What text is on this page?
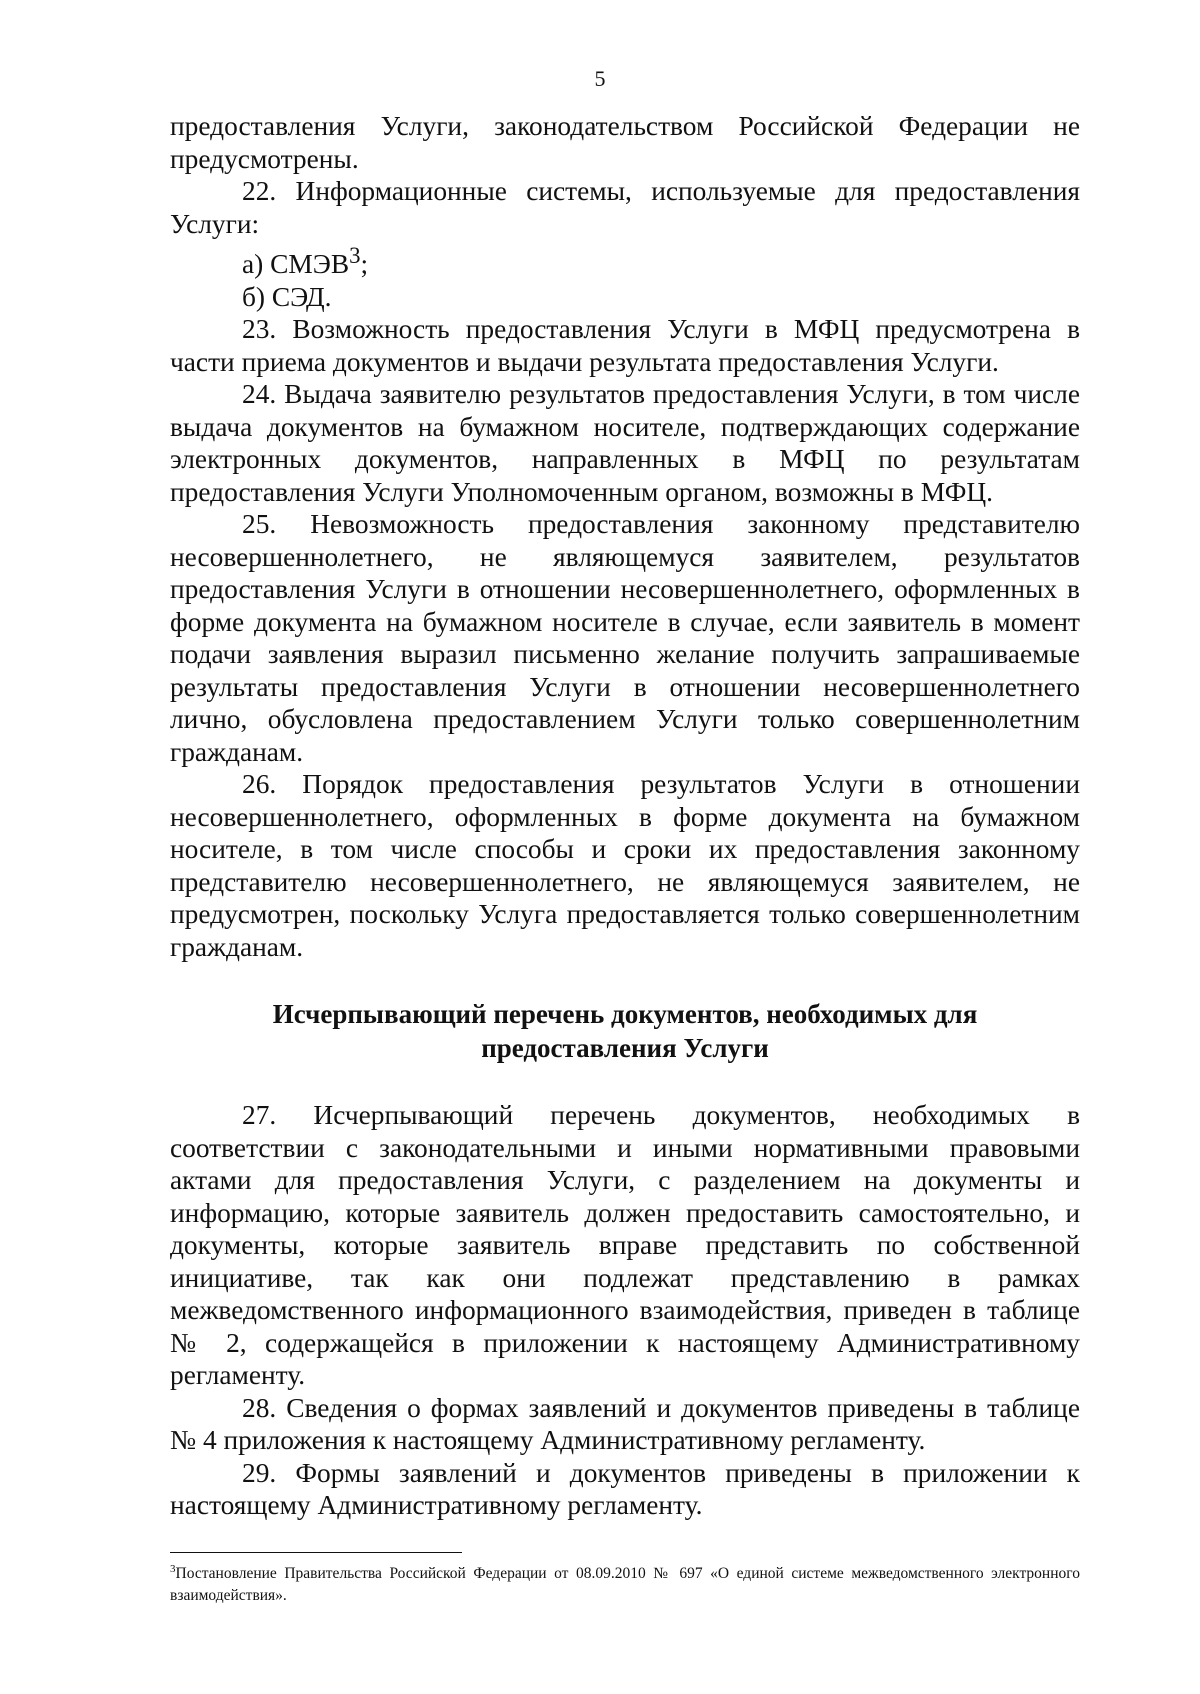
5

предоставления Услуги, законодательством Российской Федерации не предусмотрены.

22. Информационные системы, используемые для предоставления Услуги:

а) СМЭВ$^3$;

б) СЭД.

23. Возможность предоставления Услуги в МФЦ предусмотрена в части приема документов и выдачи результата предоставления Услуги.

24. Выдача заявителю результатов предоставления Услуги, в том числе выдача документов на бумажном носителе, подтверждающих содержание электронных документов, направленных в МФЦ по результатам предоставления Услуги Уполномоченным органом, возможны в МФЦ.

25. Невозможность предоставления законному представителю несовершеннолетнего, не являющемуся заявителем, результатов предоставления Услуги в отношении несовершеннолетнего, оформленных в форме документа на бумажном носителе в случае, если заявитель в момент подачи заявления выразил письменно желание получить запрашиваемые результаты предоставления Услуги в отношении несовершеннолетнего лично, обусловлена предоставлением Услуги только совершеннолетним гражданам.

26. Порядок предоставления результатов Услуги в отношении несовершеннолетнего, оформленных в форме документа на бумажном носителе, в том числе способы и сроки их предоставления законному представителю несовершеннолетнего, не являющемуся заявителем, не предусмотрен, поскольку Услуга предоставляется только совершеннолетним гражданам.

Исчерпывающий перечень документов, необходимых для
предоставления Услуги

27. Исчерпывающий перечень документов, необходимых в соответствии с законодательными и иными нормативными правовыми актами для предоставления Услуги, с разделением на документы и информацию, которые заявитель должен предоставить самостоятельно, и документы, которые заявитель вправе представить по собственной инициативе, так как они подлежат представлению в рамках межведомственного информационного взаимодействия, приведен в таблице № 2, содержащейся в приложении к настоящему Административному регламенту.

28. Сведения о формах заявлений и документов приведены в таблице № 4 приложения к настоящему Административному регламенту.

29. Формы заявлений и документов приведены в приложении к настоящему Административному регламенту.

$^3$Постановление Правительства Российской Федерации от 08.09.2010 № 697 «О единой системе межведомственного электронного взаимодействия».
